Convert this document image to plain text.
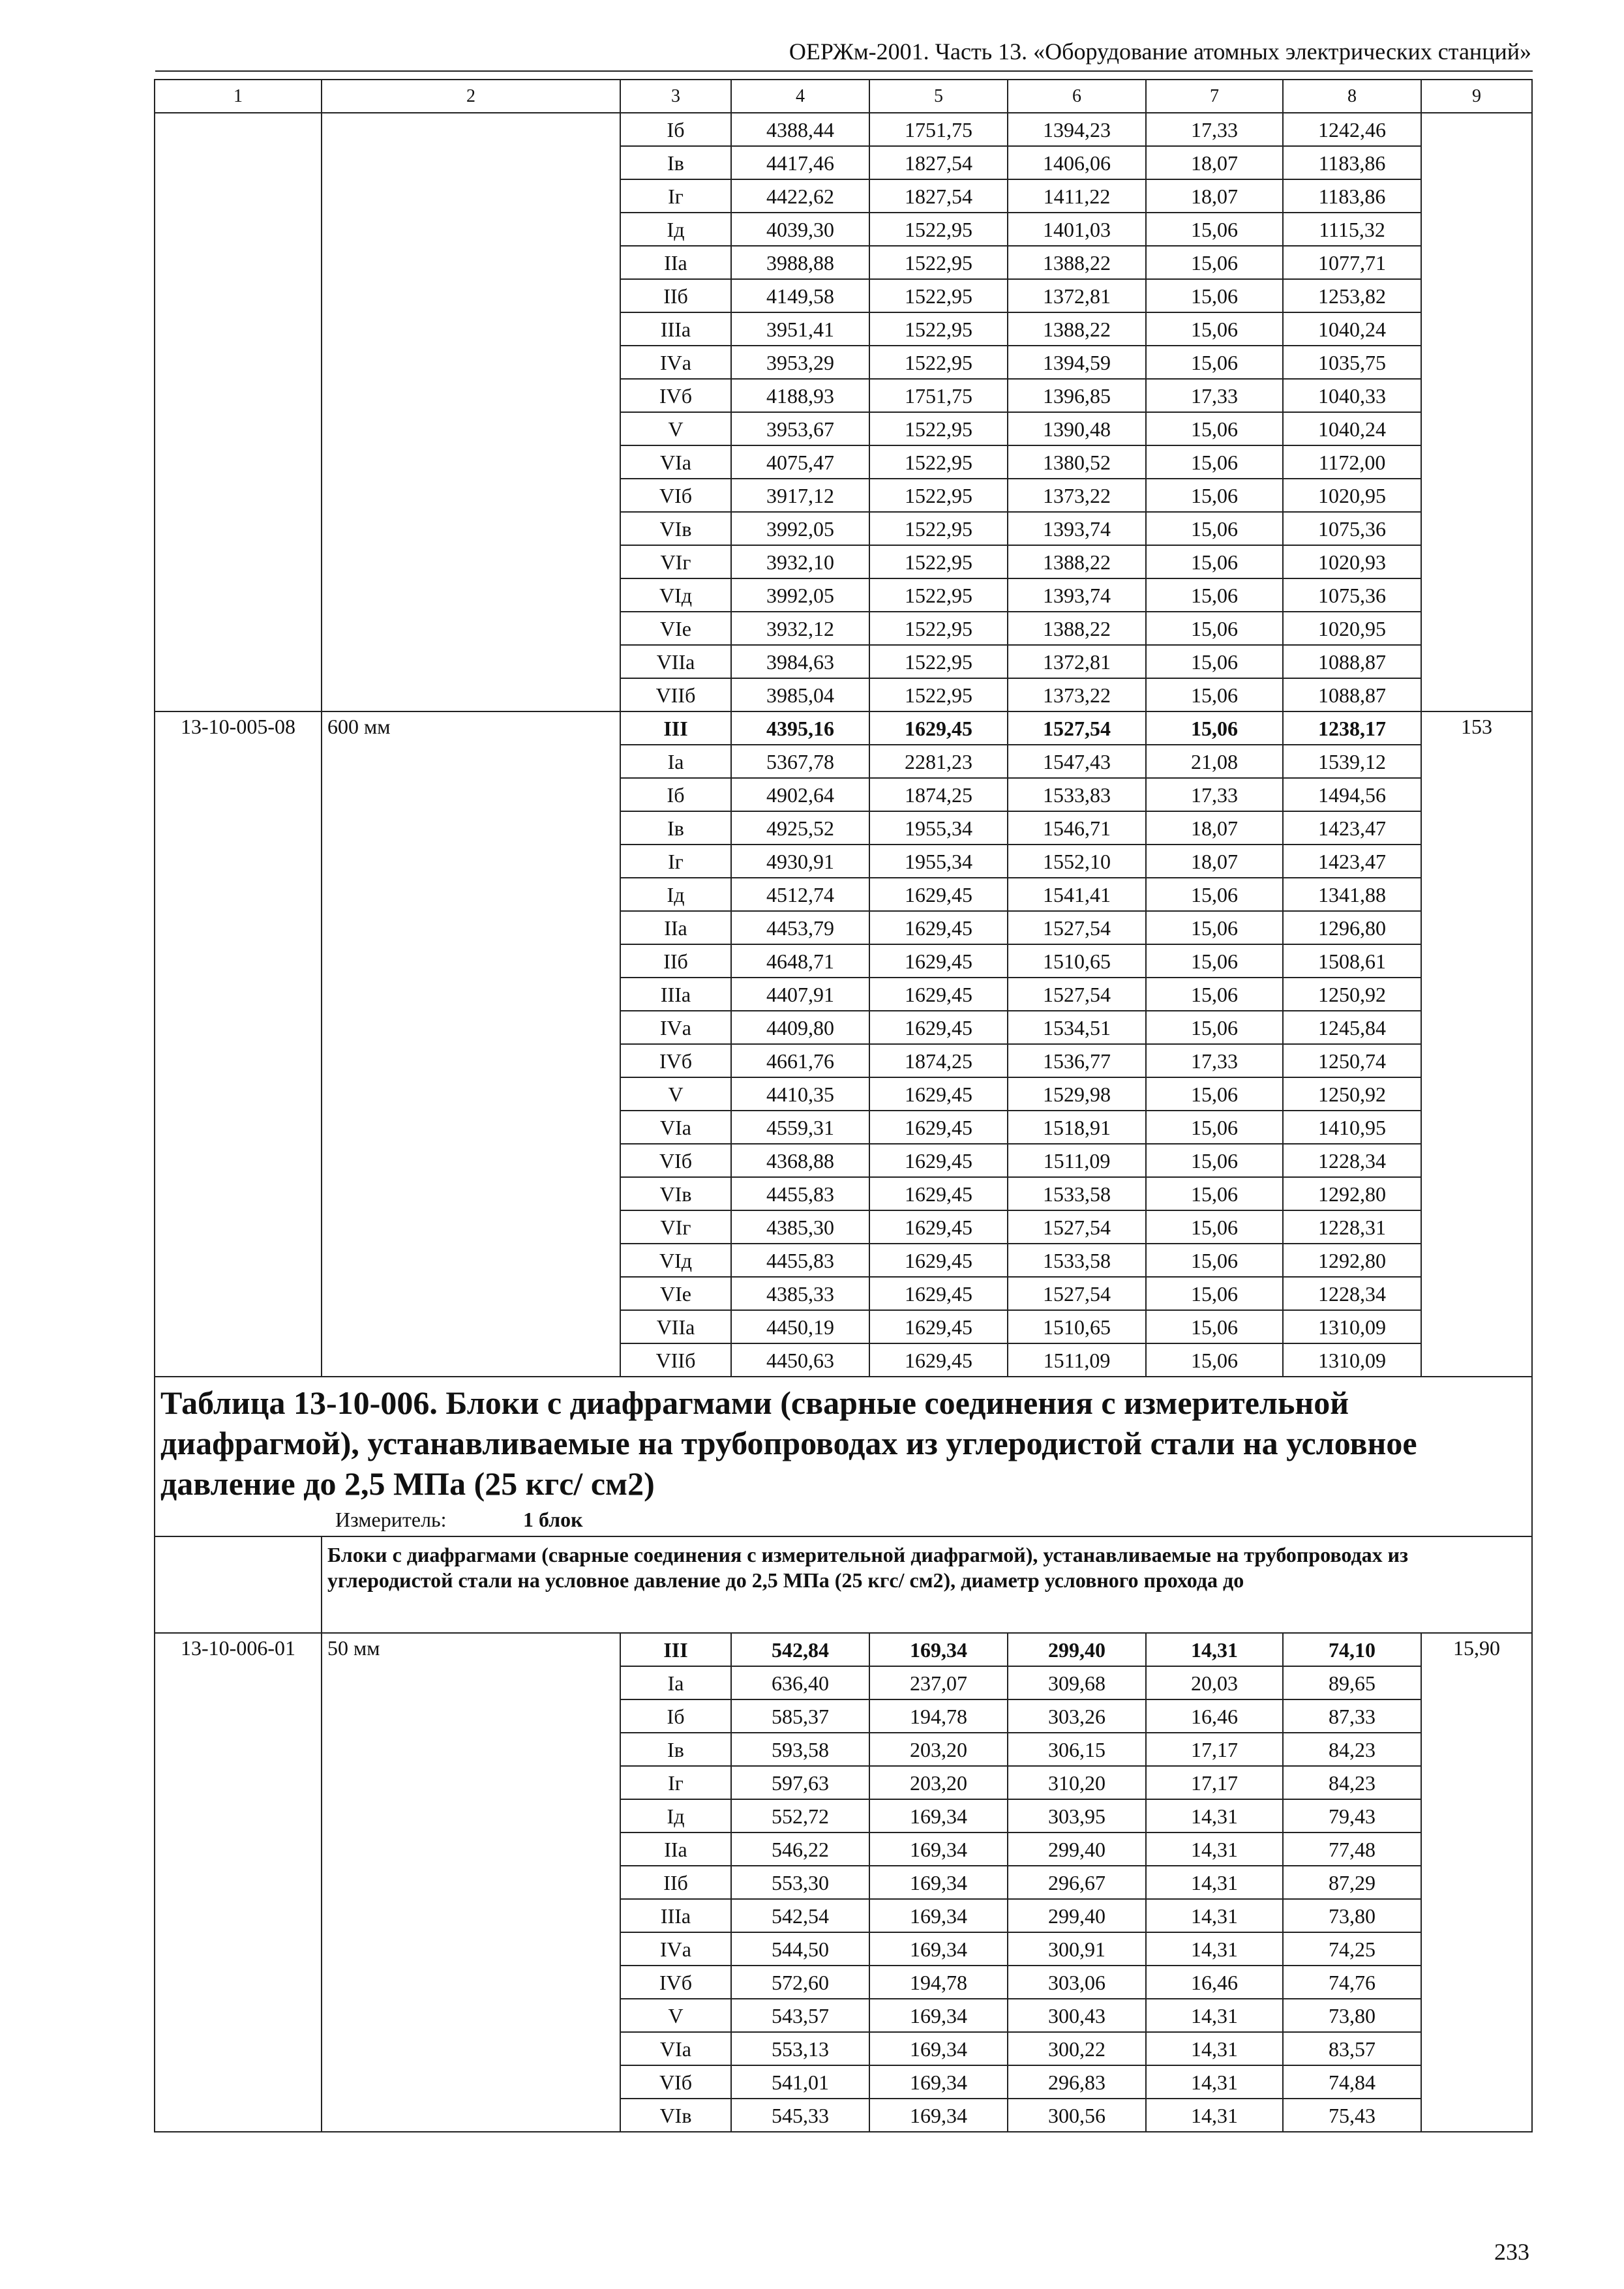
ОЕРЖм-2001. Часть 13. «Оборудование атомных электрических станций»
1	2	3	4	5	6	7	8	9
		Iб	4388,44	1751,75	1394,23	17,33	1242,46	
		Iв	4417,46	1827,54	1406,06	18,07	1183,86	
		Iг	4422,62	1827,54	1411,22	18,07	1183,86	
		Iд	4039,30	1522,95	1401,03	15,06	1115,32	
		IIа	3988,88	1522,95	1388,22	15,06	1077,71	
		IIб	4149,58	1522,95	1372,81	15,06	1253,82	
		IIIа	3951,41	1522,95	1388,22	15,06	1040,24	
		IVа	3953,29	1522,95	1394,59	15,06	1035,75	
		IVб	4188,93	1751,75	1396,85	17,33	1040,33	
		V	3953,67	1522,95	1390,48	15,06	1040,24	
		VIа	4075,47	1522,95	1380,52	15,06	1172,00	
		VIб	3917,12	1522,95	1373,22	15,06	1020,95	
		VIв	3992,05	1522,95	1393,74	15,06	1075,36	
		VIг	3932,10	1522,95	1388,22	15,06	1020,93	
		VIд	3992,05	1522,95	1393,74	15,06	1075,36	
		VIе	3932,12	1522,95	1388,22	15,06	1020,95	
		VIIа	3984,63	1522,95	1372,81	15,06	1088,87	
		VIIб	3985,04	1522,95	1373,22	15,06	1088,87	
13-10-005-08	600 мм	III	4395,16	1629,45	1527,54	15,06	1238,17	153
		Iа	5367,78	2281,23	1547,43	21,08	1539,12	
		Iб	4902,64	1874,25	1533,83	17,33	1494,56	
		Iв	4925,52	1955,34	1546,71	18,07	1423,47	
		Iг	4930,91	1955,34	1552,10	18,07	1423,47	
		Iд	4512,74	1629,45	1541,41	15,06	1341,88	
		IIа	4453,79	1629,45	1527,54	15,06	1296,80	
		IIб	4648,71	1629,45	1510,65	15,06	1508,61	
		IIIа	4407,91	1629,45	1527,54	15,06	1250,92	
		IVа	4409,80	1629,45	1534,51	15,06	1245,84	
		IVб	4661,76	1874,25	1536,77	17,33	1250,74	
		V	4410,35	1629,45	1529,98	15,06	1250,92	
		VIа	4559,31	1629,45	1518,91	15,06	1410,95	
		VIб	4368,88	1629,45	1511,09	15,06	1228,34	
		VIв	4455,83	1629,45	1533,58	15,06	1292,80	
		VIг	4385,30	1629,45	1527,54	15,06	1228,31	
		VIд	4455,83	1629,45	1533,58	15,06	1292,80	
		VIе	4385,33	1629,45	1527,54	15,06	1228,34	
		VIIа	4450,19	1629,45	1510,65	15,06	1310,09	
		VIIб	4450,63	1629,45	1511,09	15,06	1310,09	

Таблица 13-10-006. Блоки с диафрагмами (сварные соединения с измерительной диафрагмой), устанавливаемые на трубопроводах из углеродистой стали на условное давление до 2,5 МПа (25 кгс/ см2)
Измеритель: 1 блок								

	Блоки с диафрагмами (сварные соединения с измерительной диафрагмой), устанавливаемые на трубопроводах из углеродистой стали на условное давление до 2,5 МПа (25 кгс/ см2), диаметр условного прохода до							
13-10-006-01	50 мм	III	542,84	169,34	299,40	14,31	74,10	15,90
		Iа	636,40	237,07	309,68	20,03	89,65	
		Iб	585,37	194,78	303,26	16,46	87,33	
		Iв	593,58	203,20	306,15	17,17	84,23	
		Iг	597,63	203,20	310,20	17,17	84,23	
		Iд	552,72	169,34	303,95	14,31	79,43	
		IIа	546,22	169,34	299,40	14,31	77,48	
		IIб	553,30	169,34	296,67	14,31	87,29	
		IIIа	542,54	169,34	299,40	14,31	73,80	
		IVа	544,50	169,34	300,91	14,31	74,25	
		IVб	572,60	194,78	303,06	16,46	74,76	
		V	543,57	169,34	300,43	14,31	73,80	
		VIа	553,13	169,34	300,22	14,31	83,57	
		VIб	541,01	169,34	296,83	14,31	74,84	
		VIв	545,33	169,34	300,56	14,31	75,43	
233
